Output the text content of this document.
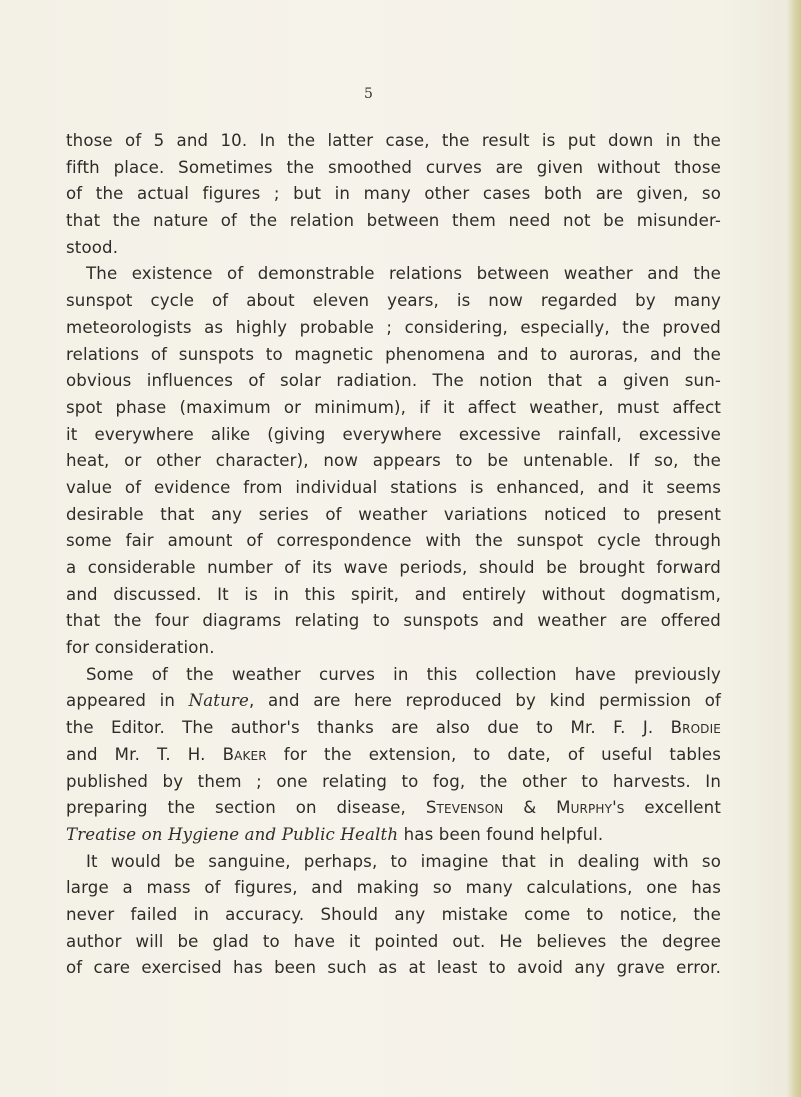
5
those of 5 and 10. In the latter case, the result is put down in the
fifth place. Sometimes the smoothed curves are given without those
of the actual figures ; but in many other cases both are given, so
that the nature of the relation between them need not be misunder-
stood.
The existence of demonstrable relations between weather and the
sunspot cycle of about eleven years, is now regarded by many
meteorologists as highly probable ; considering, especially, the proved
relations of sunspots to magnetic phenomena and to auroras, and the
obvious influences of solar radiation. The notion that a given sun-
spot phase (maximum or minimum), if it affect weather, must affect
it everywhere alike (giving everywhere excessive rainfall, excessive
heat, or other character), now appears to be untenable. If so, the
value of evidence from individual stations is enhanced, and it seems
desirable that any series of weather variations noticed to present
some fair amount of correspondence with the sunspot cycle through
a considerable number of its wave periods, should be brought forward
and discussed. It is in this spirit, and entirely without dogmatism,
that the four diagrams relating to sunspots and weather are offered
for consideration.
Some of the weather curves in this collection have previously
appeared in Nature, and are here reproduced by kind permission of
the Editor. The author's thanks are also due to Mr. F. J. Brodie
and Mr. T. H. Baker for the extension, to date, of useful tables
published by them ; one relating to fog, the other to harvests. In
preparing the section on disease, Stevenson & Murphy's excellent
Treatise on Hygiene and Public Health has been found helpful.
It would be sanguine, perhaps, to imagine that in dealing with so
large a mass of figures, and making so many calculations, one has
never failed in accuracy. Should any mistake come to notice, the
author will be glad to have it pointed out. He believes the degree
of care exercised has been such as at least to avoid any grave error.
